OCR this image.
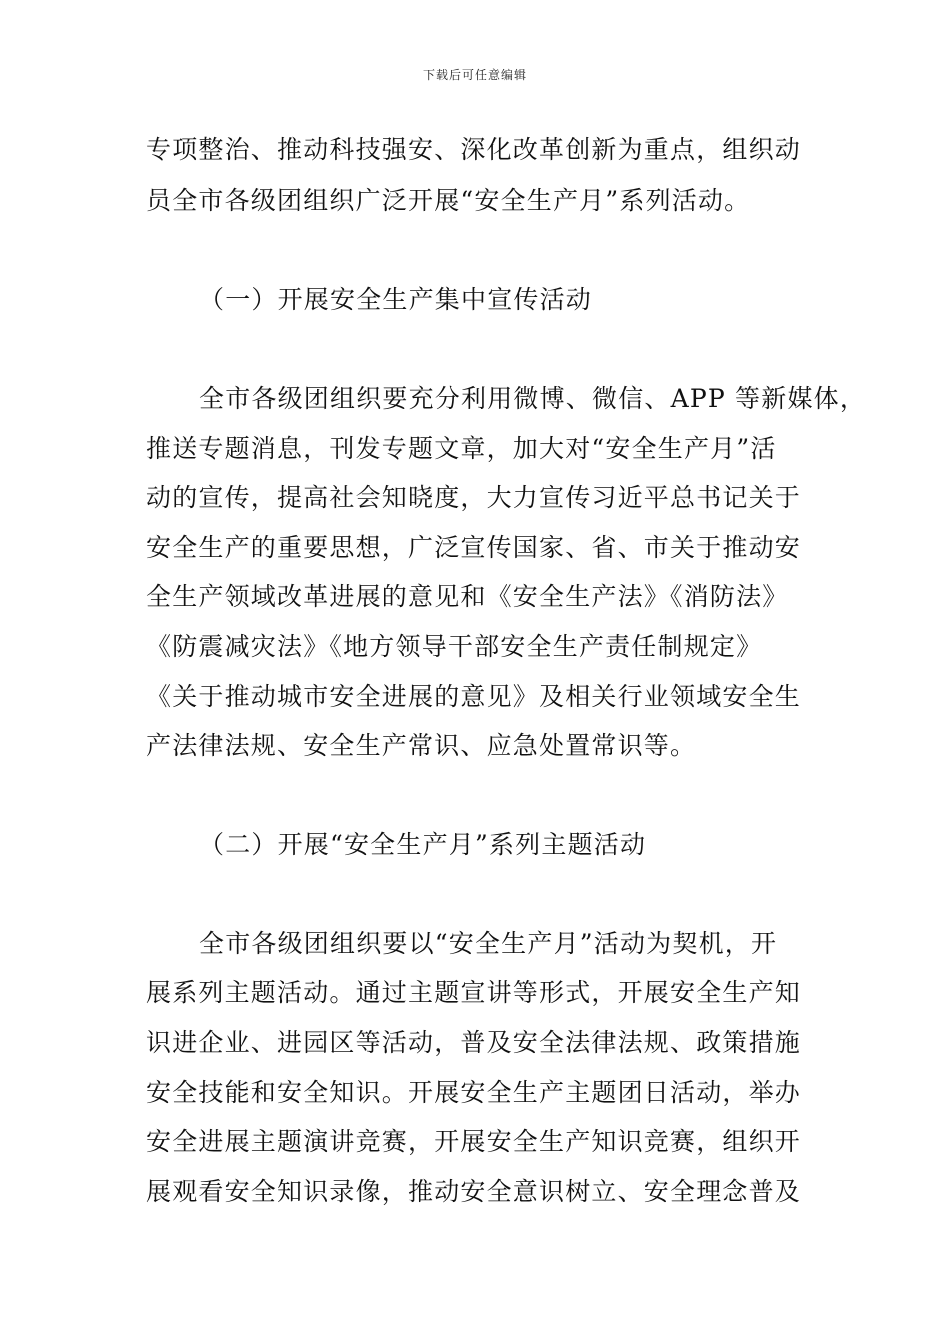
下载后可任意编辑
专项整治、推动科技强安、深化改革创新为重点，组织动
员全市各级团组织广泛开展“安全生产月”系列活动。
（一）开展安全生产集中宣传活动
全市各级团组织要充分利用微博、微信、APP 等新媒体，
推送专题消息，刊发专题文章，加大对“安全生产月”活
动的宣传，提高社会知晓度，大力宣传习近平总书记关于
安全生产的重要思想，广泛宣传国家、省、市关于推动安
全生产领域改革进展的意见和《安全生产法》《消防法》
《防震减灾法》《地方领导干部安全生产责任制规定》
《关于推动城市安全进展的意见》及相关行业领域安全生
产法律法规、安全生产常识、应急处置常识等。
（二）开展“安全生产月”系列主题活动
全市各级团组织要以“安全生产月”活动为契机，开
展系列主题活动。通过主题宣讲等形式，开展安全生产知
识进企业、进园区等活动，普及安全法律法规、政策措施
安全技能和安全知识。开展安全生产主题团日活动，举办
安全进展主题演讲竞赛，开展安全生产知识竞赛，组织开
展观看安全知识录像，推动安全意识树立、安全理念普及
